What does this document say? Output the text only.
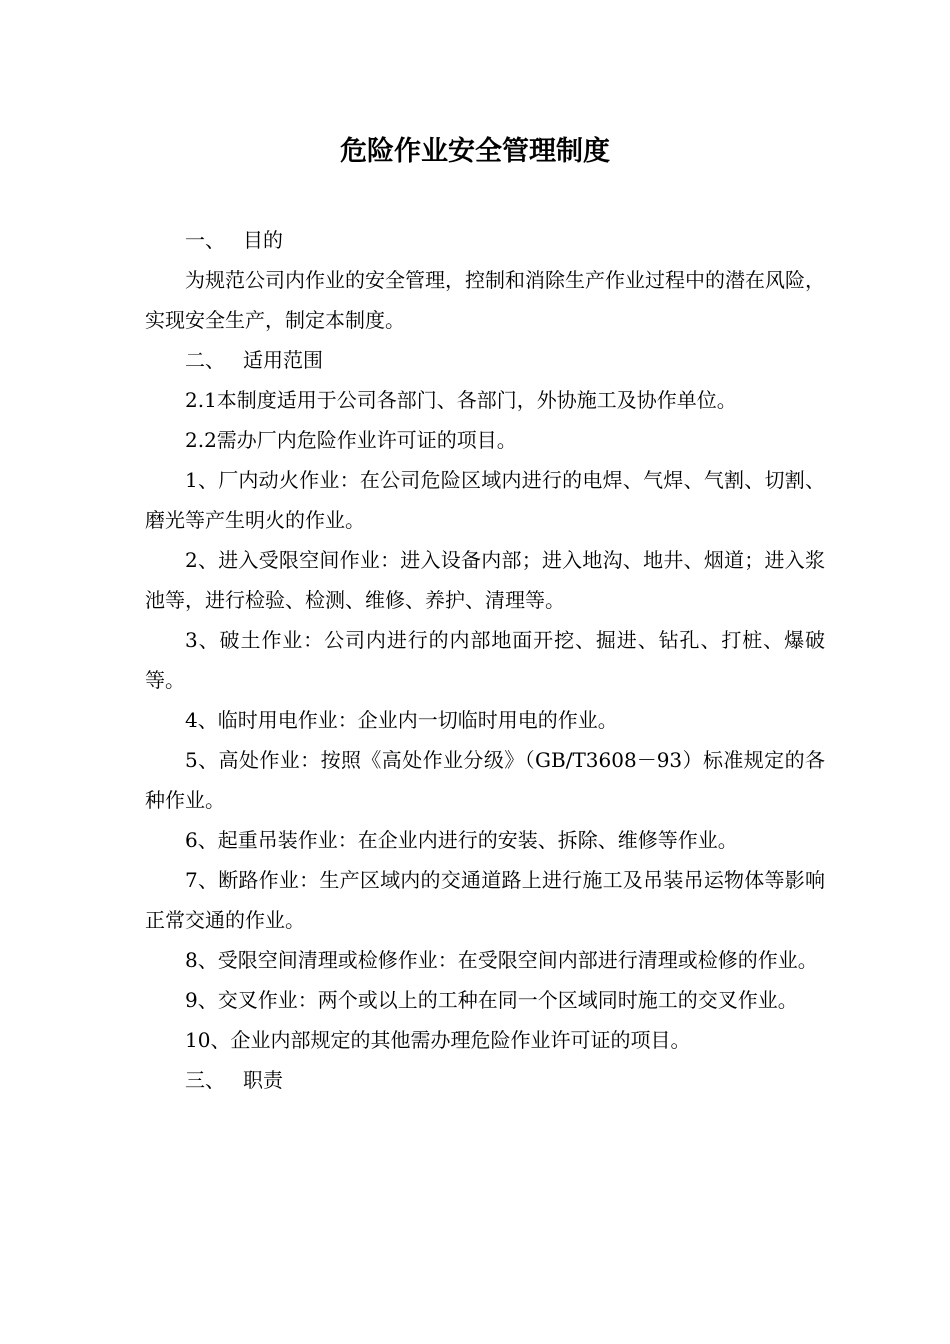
危险作业安全管理制度

一、 目的

为规范公司内作业的安全管理，控制和消除生产作业过程中的潜在风险，实现安全生产，制定本制度。

二、 适用范围

2.1本制度适用于公司各部门、各部门，外协施工及协作单位。

2.2需办厂内危险作业许可证的项目。

1、厂内动火作业：在公司危险区域内进行的电焊、气焊、气割、切割、磨光等产生明火的作业。

2、进入受限空间作业：进入设备内部；进入地沟、地井、烟道；进入浆池等，进行检验、检测、维修、养护、清理等。

3、破土作业：公司内进行的内部地面开挖、掘进、钻孔、打桩、爆破等。

4、临时用电作业：企业内一切临时用电的作业。

5、高处作业：按照《高处作业分级》（GB/T3608－93）标准规定的各种作业。

6、起重吊装作业：在企业内进行的安装、拆除、维修等作业。

7、断路作业：生产区域内的交通道路上进行施工及吊装吊运物体等影响正常交通的作业。

8、受限空间清理或检修作业：在受限空间内部进行清理或检修的作业。

9、交叉作业：两个或以上的工种在同一个区域同时施工的交叉作业。

10、企业内部规定的其他需办理危险作业许可证的项目。

三、 职责
